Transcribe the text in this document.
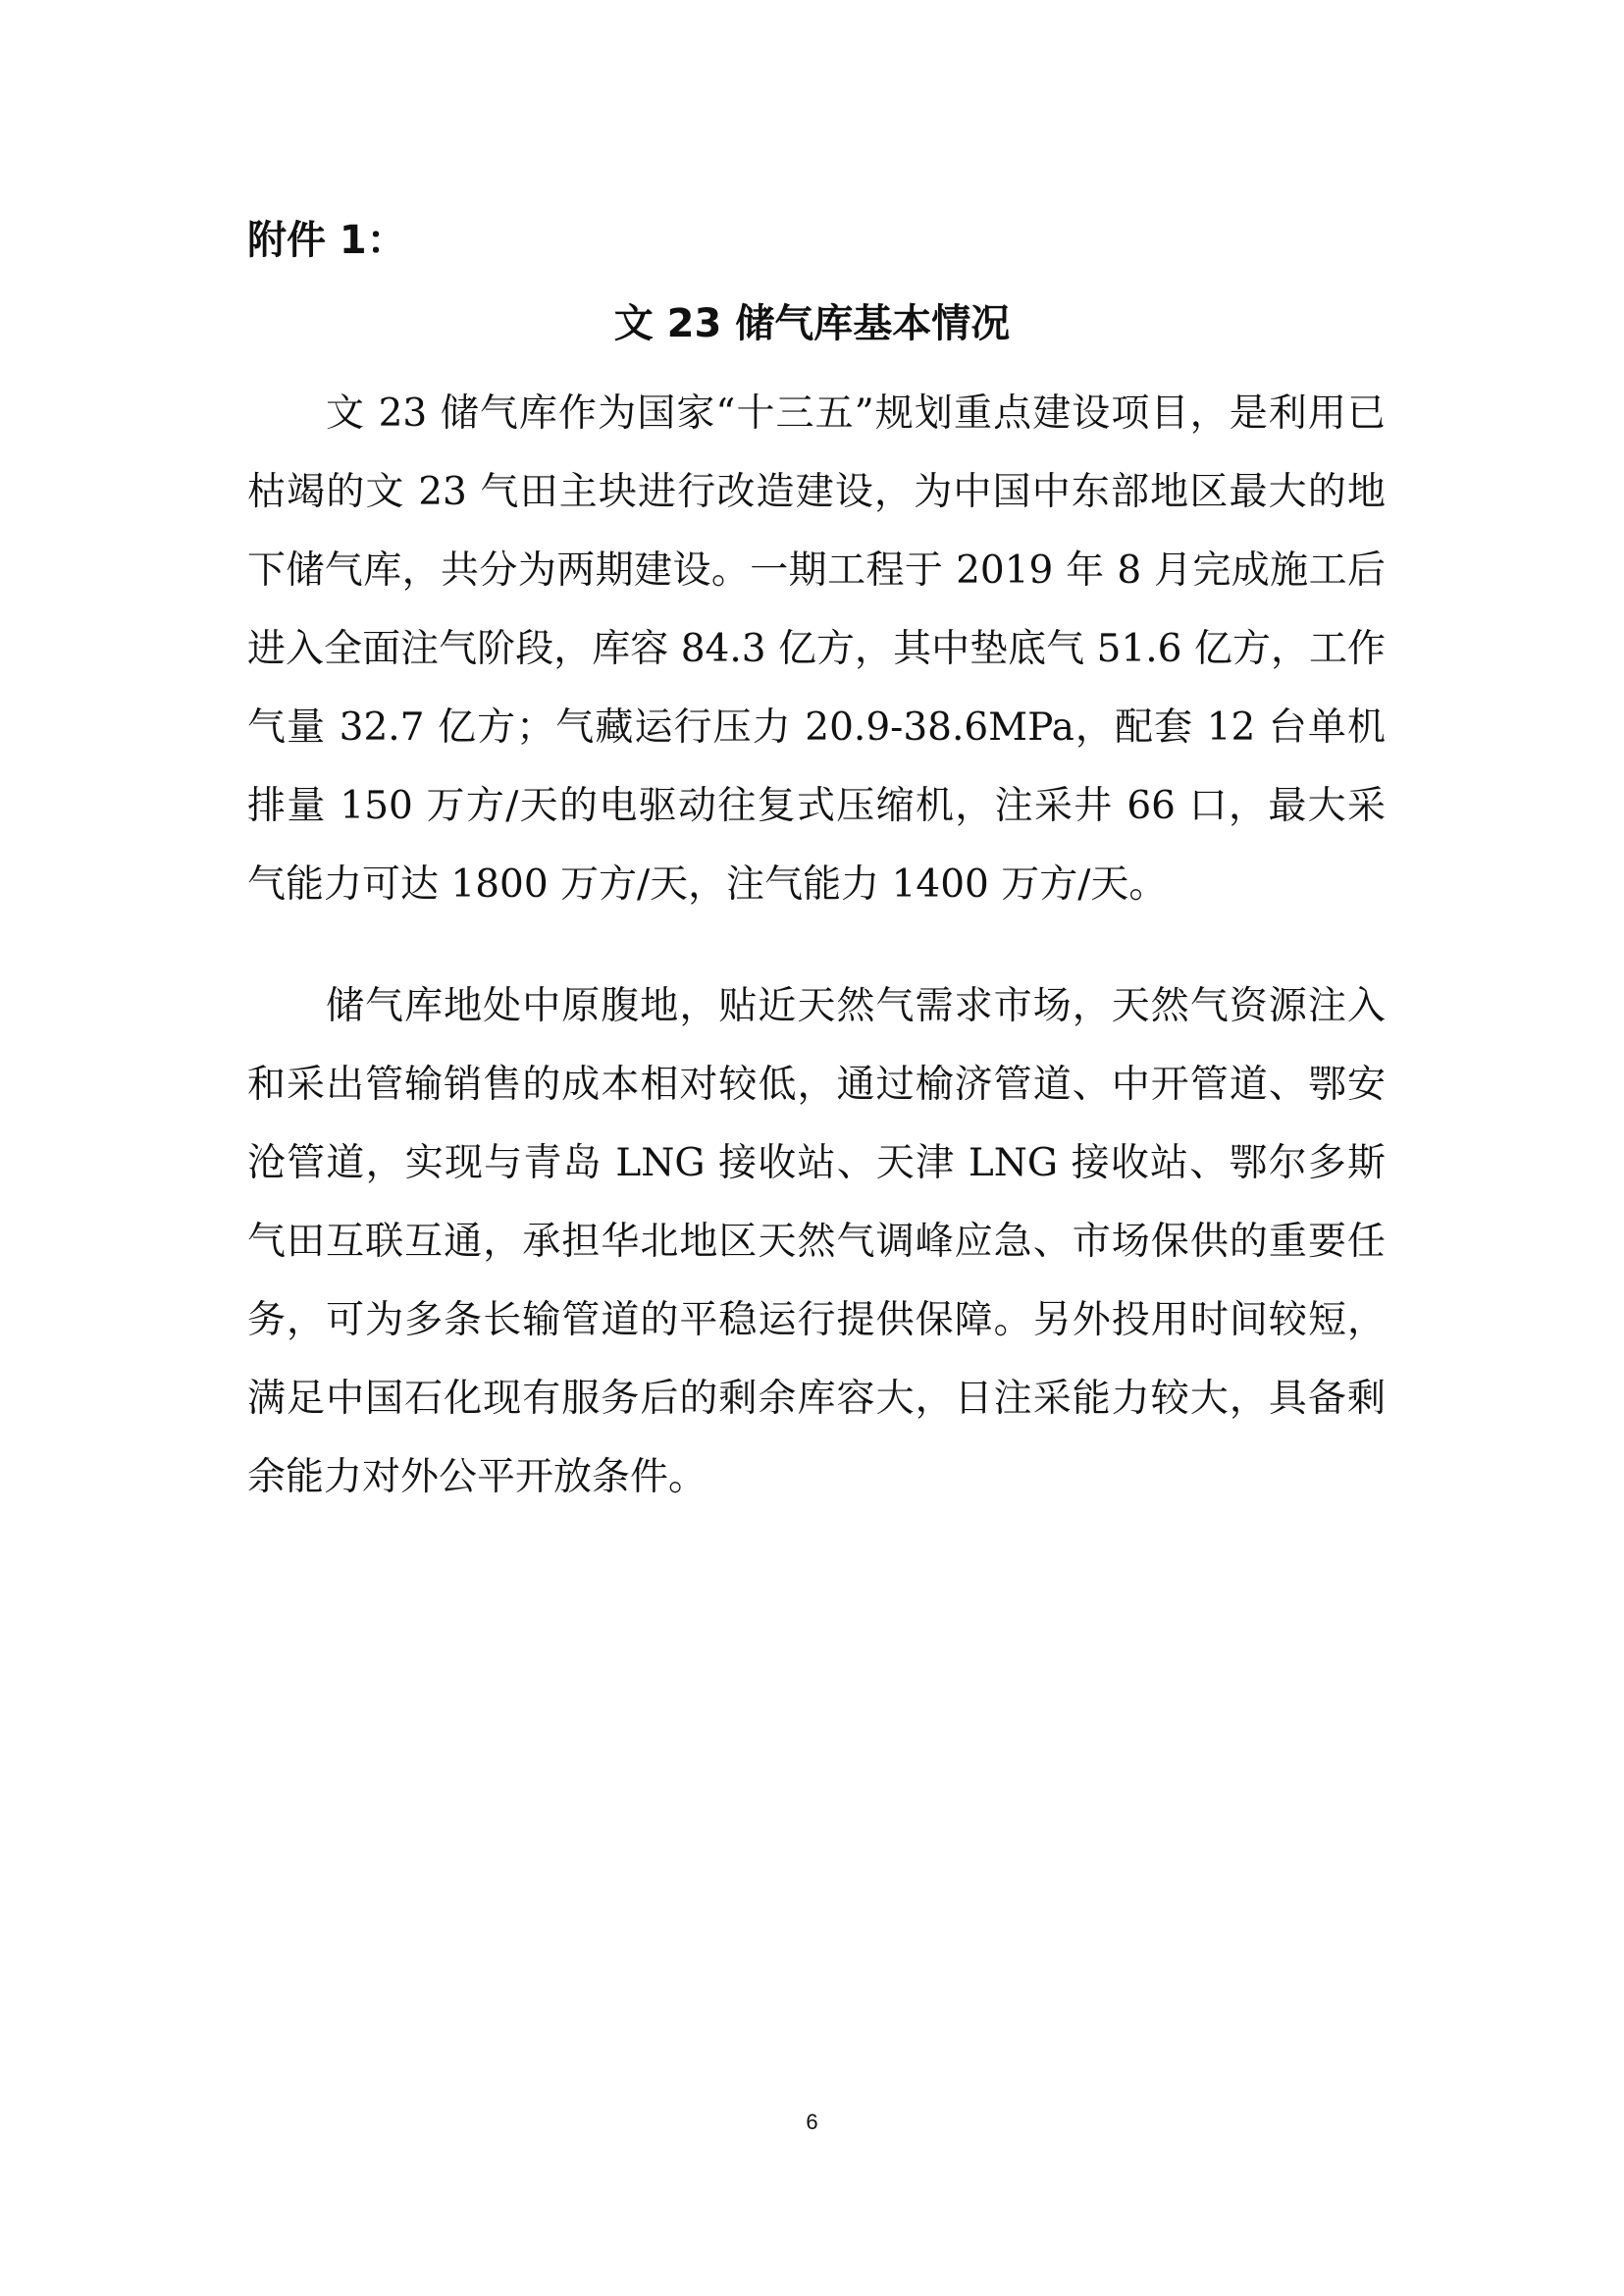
附件 1：
文 23 储气库基本情况

文 23 储气库作为国家“十三五”规划重点建设项目，是利用已枯竭的文 23 气田主块进行改造建设，为中国中东部地区最大的地下储气库，共分为两期建设。一期工程于 2019 年 8 月完成施工后进入全面注气阶段，库容 84.3 亿方，其中垫底气 51.6 亿方，工作气量 32.7 亿方；气藏运行压力 20.9-38.6MPa，配套 12 台单机排量 150 万方/天的电驱动往复式压缩机，注采井 66 口，最大采气能力可达 1800 万方/天，注气能力 1400 万方/天。

储气库地处中原腹地，贴近天然气需求市场，天然气资源注入和采出管输销售的成本相对较低，通过榆济管道、中开管道、鄂安沧管道，实现与青岛 LNG 接收站、天津 LNG 接收站、鄂尔多斯气田互联互通，承担华北地区天然气调峰应急、市场保供的重要任务，可为多条长输管道的平稳运行提供保障。另外投用时间较短，满足中国石化现有服务后的剩余库容大，日注采能力较大，具备剩余能力对外公平开放条件。

6
